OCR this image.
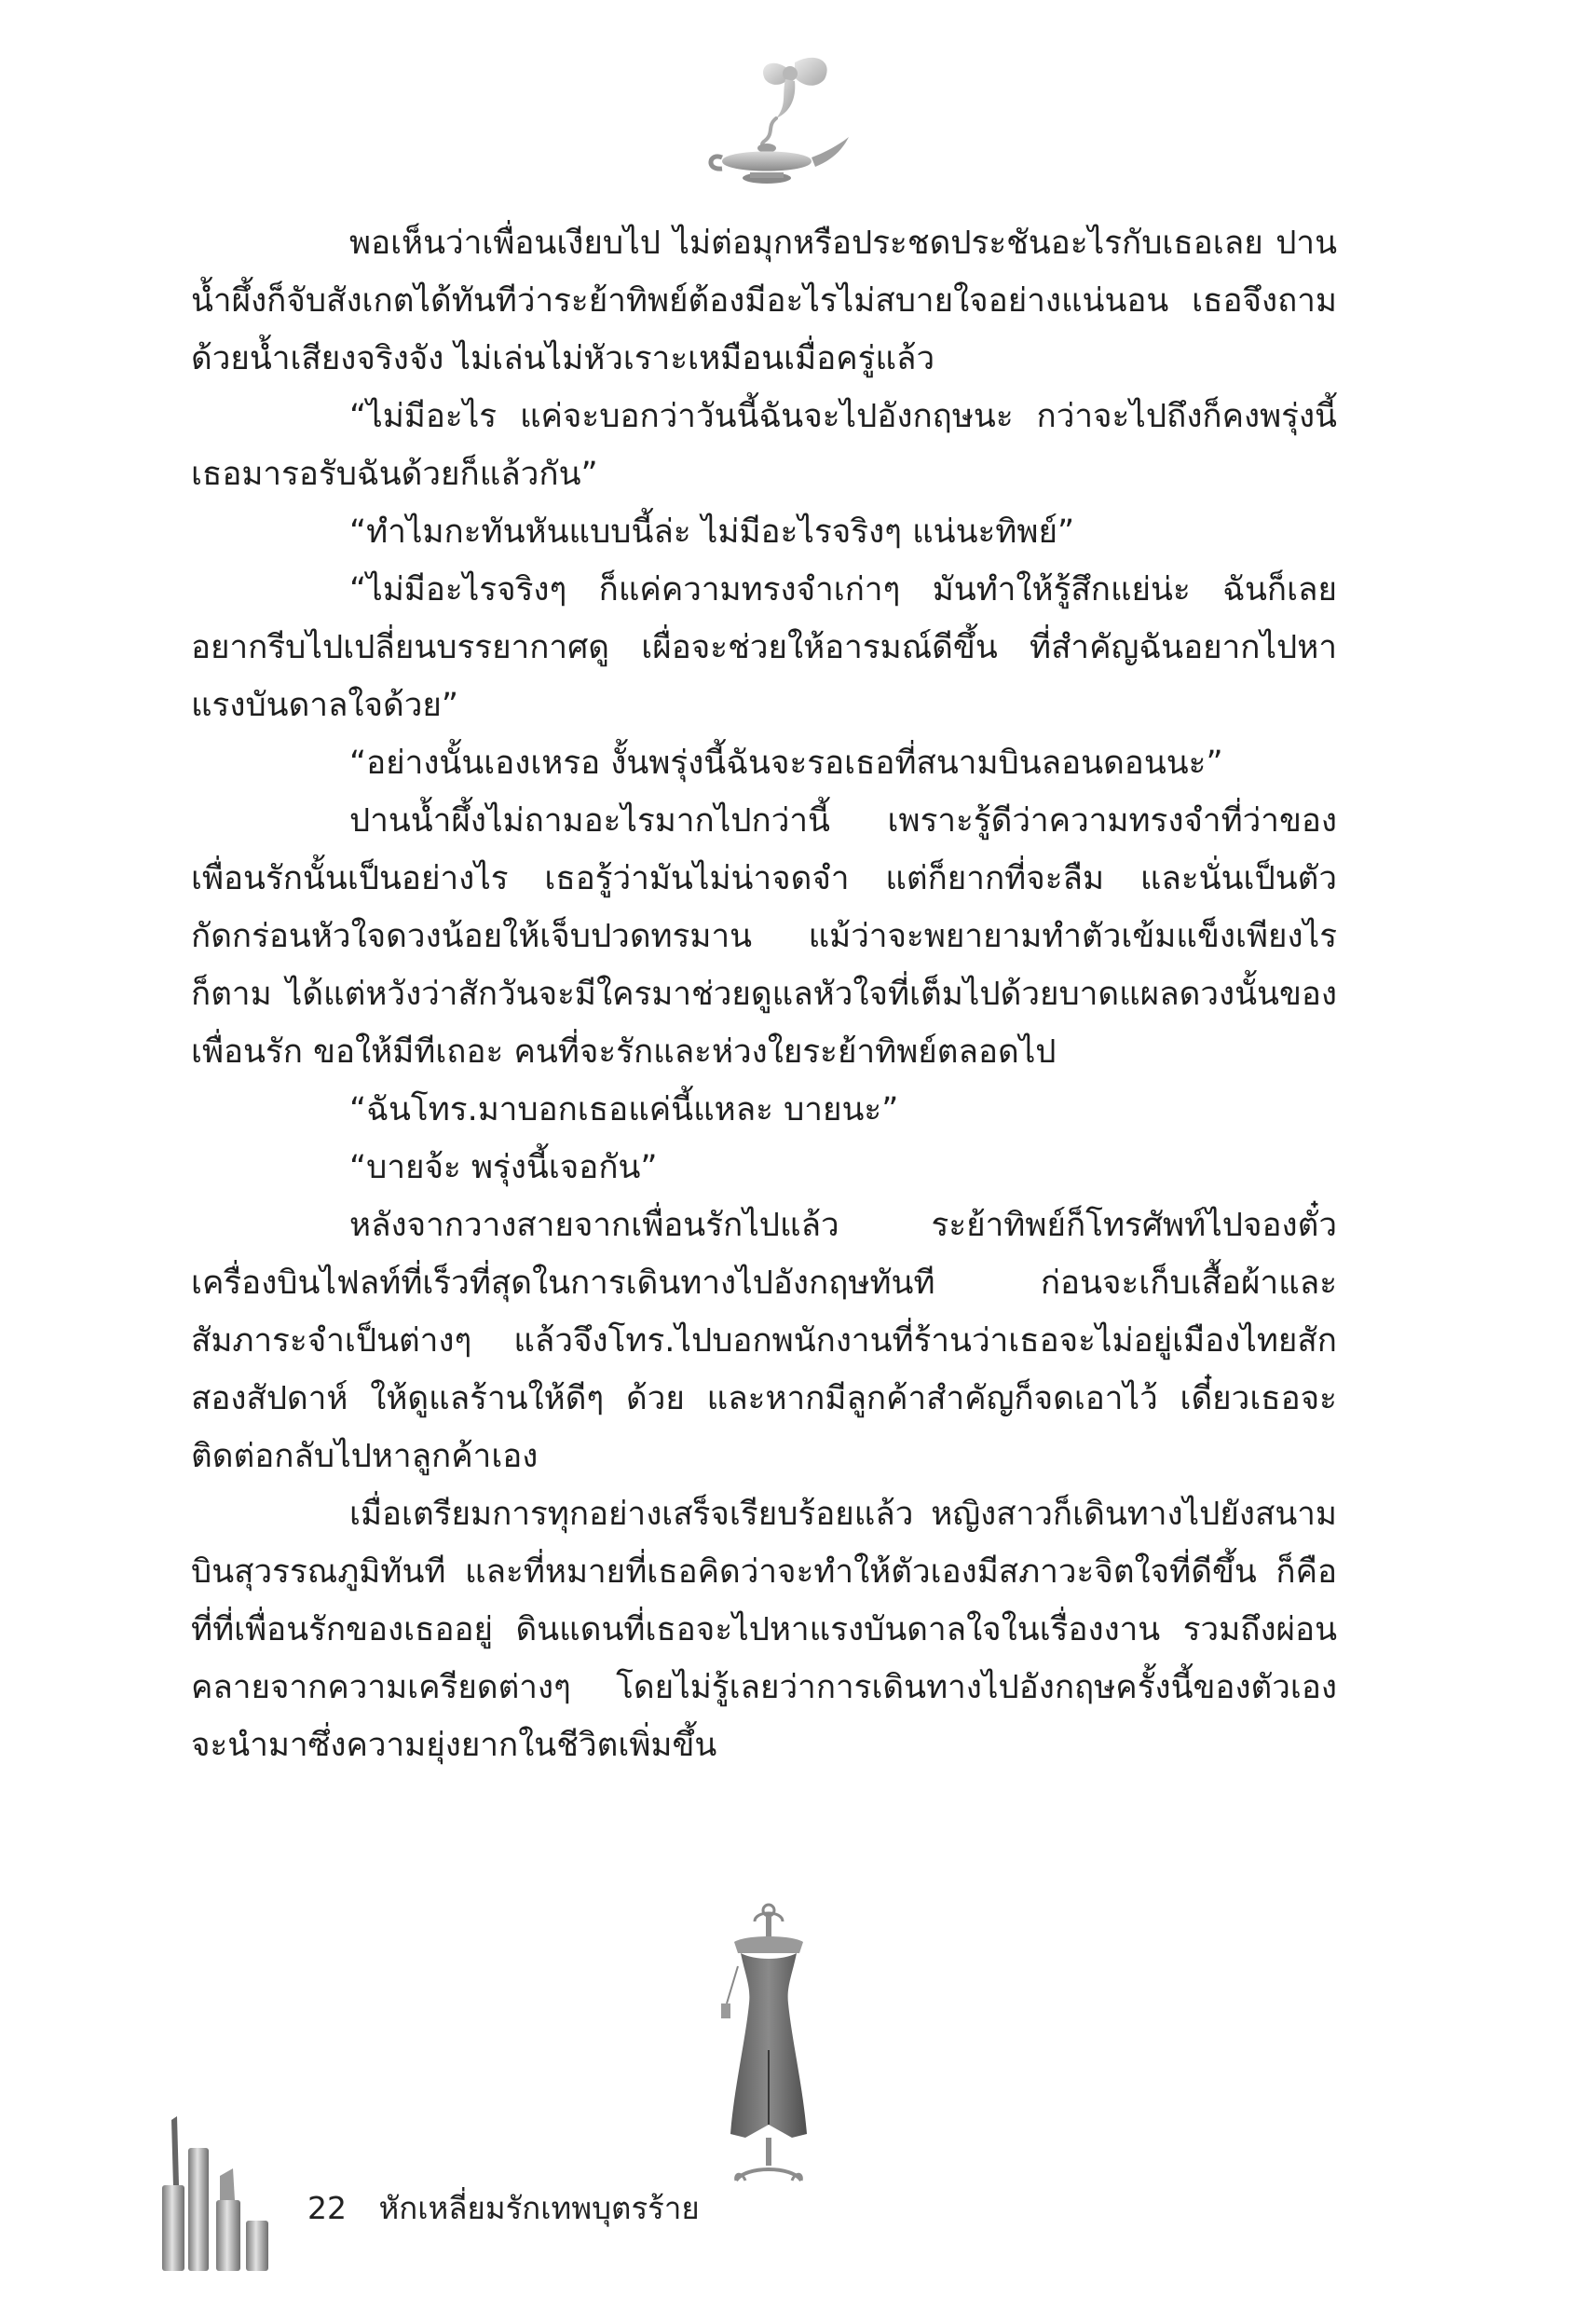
พอเห็นว่าเพื่อนเงียบไป ไม่ต่อมุกหรือประชดประชันอะไรกับเธอเลย ปานน้ำผึ้งก็จับสังเกตได้ทันทีว่าระย้าทิพย์ต้องมีอะไรไม่สบายใจอย่างแน่นอน เธอจึงถามด้วยน้ำเสียงจริงจัง ไม่เล่นไม่หัวเราะเหมือนเมื่อครู่แล้ว

“ไม่มีอะไร แค่จะบอกว่าวันนี้ฉันจะไปอังกฤษนะ กว่าจะไปถึงก็คงพรุ่งนี้ เธอมารอรับฉันด้วยก็แล้วกัน”

“ทำไมกะทันหันแบบนี้ล่ะ ไม่มีอะไรจริงๆ แน่นะทิพย์”

“ไม่มีอะไรจริงๆ ก็แค่ความทรงจำเก่าๆ มันทำให้รู้สึกแย่น่ะ ฉันก็เลยอยากรีบไปเปลี่ยนบรรยากาศดู เผื่อจะช่วยให้อารมณ์ดีขึ้น ที่สำคัญฉันอยากไปหาแรงบันดาลใจด้วย”

“อย่างนั้นเองเหรอ งั้นพรุ่งนี้ฉันจะรอเธอที่สนามบินลอนดอนนะ”

ปานน้ำผึ้งไม่ถามอะไรมากไปกว่านี้ เพราะรู้ดีว่าความทรงจำที่ว่าของเพื่อนรักนั้นเป็นอย่างไร เธอรู้ว่ามันไม่น่าจดจำ แต่ก็ยากที่จะลืม และนั่นเป็นตัวกัดกร่อนหัวใจดวงน้อยให้เจ็บปวดทรมาน แม้ว่าจะพยายามทำตัวเข้มแข็งเพียงไรก็ตาม ได้แต่หวังว่าสักวันจะมีใครมาช่วยดูแลหัวใจที่เต็มไปด้วยบาดแผลดวงนั้นของเพื่อนรัก ขอให้มีทีเถอะ คนที่จะรักและห่วงใยระย้าทิพย์ตลอดไป

“ฉันโทร.มาบอกเธอแค่นี้แหละ บายนะ”

“บายจ้ะ พรุ่งนี้เจอกัน”

หลังจากวางสายจากเพื่อนรักไปแล้ว ระย้าทิพย์ก็โทรศัพท์ไปจองตั๋วเครื่องบินไฟลท์ที่เร็วที่สุดในการเดินทางไปอังกฤษทันที ก่อนจะเก็บเสื้อผ้าและสัมภาระจำเป็นต่างๆ แล้วจึงโทร.ไปบอกพนักงานที่ร้านว่าเธอจะไม่อยู่เมืองไทยสักสองสัปดาห์ ให้ดูแลร้านให้ดีๆ ด้วย และหากมีลูกค้าสำคัญก็จดเอาไว้ เดี๋ยวเธอจะติดต่อกลับไปหาลูกค้าเอง

เมื่อเตรียมการทุกอย่างเสร็จเรียบร้อยแล้ว หญิงสาวก็เดินทางไปยังสนามบินสุวรรณภูมิทันที และที่หมายที่เธอคิดว่าจะทำให้ตัวเองมีสภาวะจิตใจที่ดีขึ้น ก็คือที่ที่เพื่อนรักของเธออยู่ ดินแดนที่เธอจะไปหาแรงบันดาลใจในเรื่องงาน รวมถึงผ่อนคลายจากความเครียดต่างๆ โดยไม่รู้เลยว่าการเดินทางไปอังกฤษครั้งนี้ของตัวเองจะนำมาซึ่งความยุ่งยากในชีวิตเพิ่มขึ้น

22 หักเหลี่ยมรักเทพบุตรร้าย
